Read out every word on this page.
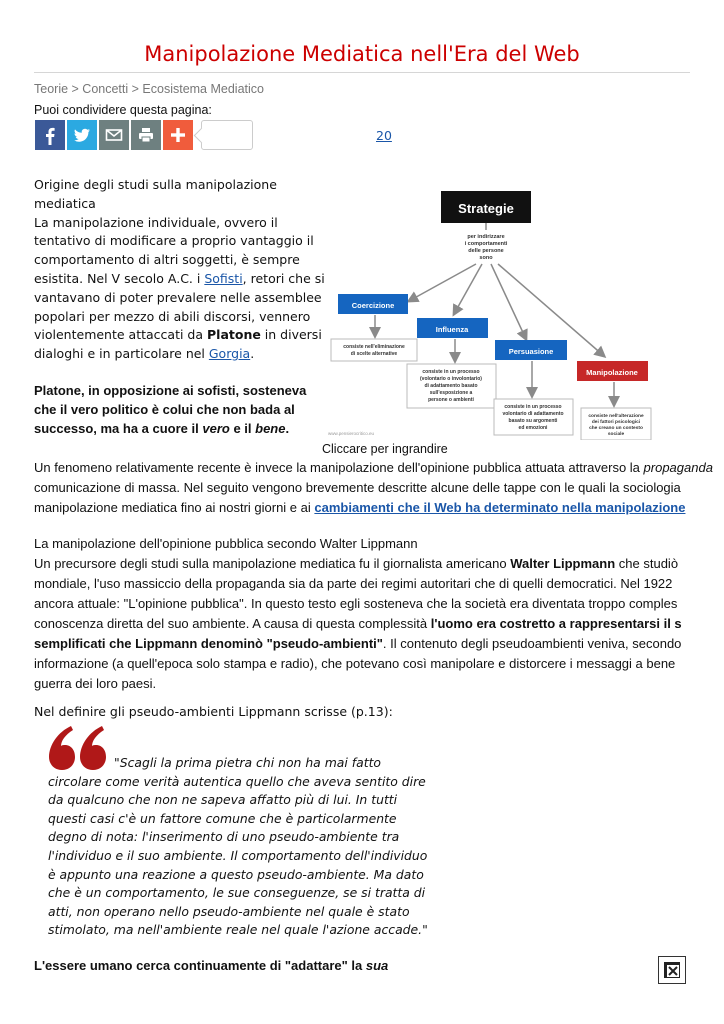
Manipolazione Mediatica nell'Era del Web
Teorie > Concetti > Ecosistema Mediatico
Puoi condividere questa pagina:
20

Origine degli studi sulla manipolazione mediatica

La manipolazione individuale, ovvero il tentativo di modificare a proprio vantaggio il comportamento di altri soggetti, è sempre esistita. Nel V secolo A.C. i Sofisti, retori che si vantavano di poter prevalere nelle assemblee popolari per mezzo di abili discorsi, vennero violentemente attaccati da Platone in diversi dialoghi e in particolare nel Gorgia.

Platone, in opposizione ai sofisti, sosteneva che il vero politico è colui che non bada al successo, ma ha a cuore il vero e il bene.
Strategie
per indirizzare
i comportamenti
delle persone
sono
Coercizione
consiste nell'eliminazione
di scelte alternative
Influenza
consiste in un processo
(volontario o involontario)
di adattamento basato
sull'esposizione a
persone o ambienti
Persuasione
consiste in un processo
volontario di adattamento
basato su argomenti
ed emozioni
Manipolazione
consiste nell'alterazione
dei fattori psicologici
che creano un contesto
sociale
www.pensierocritico.eu
Cliccare per ingrandire
Un fenomeno relativamente recente è invece la manipolazione dell'opinione pubblica attuata attraverso la propaganda
comunicazione di massa. Nel seguito vengono brevemente descritte alcune delle tappe con le quali la sociologia
manipolazione mediatica fino ai nostri giorni e ai cambiamenti che il Web ha determinato nella manipolazione
La manipolazione dell'opinione pubblica secondo Walter Lippmann
Un precursore degli studi sulla manipolazione mediatica fu il giornalista americano Walter Lippmann che studiò
mondiale, l'uso massiccio della propaganda sia da parte dei regimi autoritari che di quelli democratici. Nel 1922
ancora attuale: "L'opinione pubblica". In questo testo egli sosteneva che la società era diventata troppo comples
conoscenza diretta del suo ambiente. A causa di questa complessità l'uomo era costretto a rappresentarsi il s
semplificati che Lippmann denominò "pseudo-ambienti". Il contenuto degli pseudoambienti veniva, secondo
informazione (a quell'epoca solo stampa e radio), che potevano così manipolare e distorcere i messaggi a bene
guerra dei loro paesi.
Nel definire gli pseudo-ambienti Lippmann scrisse (p.13):
"Scagli la prima pietra chi non ha mai fatto circolare come verità autentica quello che aveva sentito dire da qualcuno che non ne sapeva affatto più di lui. In tutti questi casi c'è un fattore comune che è particolarmente degno di nota: l'inserimento di uno pseudo-ambiente tra l'individuo e il suo ambiente. Il comportamento dell'individuo è appunto una reazione a questo pseudo-ambiente. Ma dato che è un comportamento, le sue conseguenze, se si tratta di atti, non operano nello pseudo-ambiente nel quale è stato stimolato, ma nell'ambiente reale nel quale l'azione accade."
L'essere umano cerca continuamente di "adattare" la sua
